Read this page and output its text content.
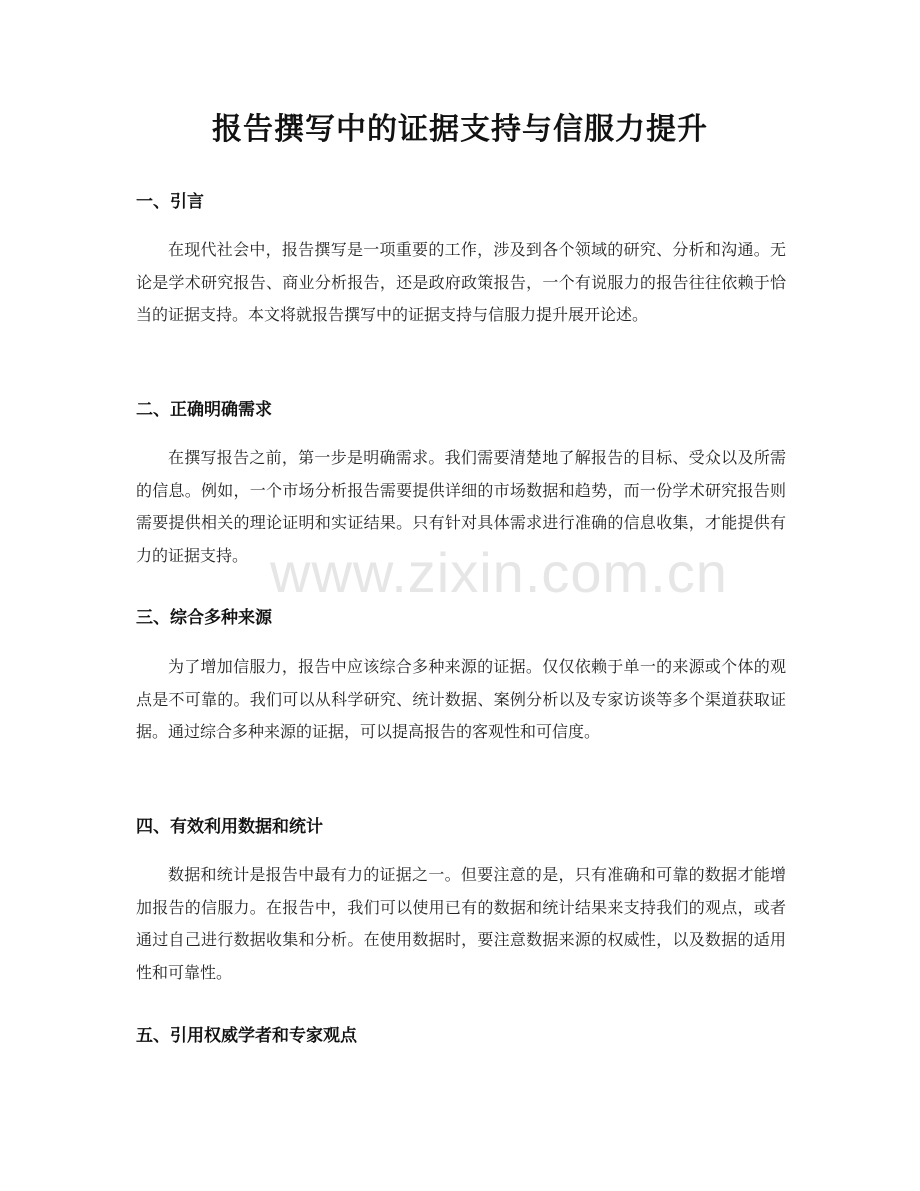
报告撰写中的证据支持与信服力提升
一、引言

在现代社会中，报告撰写是一项重要的工作，涉及到各个领域的研究、分析和沟通。无论是学术研究报告、商业分析报告，还是政府政策报告，一个有说服力的报告往往依赖于恰当的证据支持。本文将就报告撰写中的证据支持与信服力提升展开论述。

二、正确明确需求

在撰写报告之前，第一步是明确需求。我们需要清楚地了解报告的目标、受众以及所需的信息。例如，一个市场分析报告需要提供详细的市场数据和趋势，而一份学术研究报告则需要提供相关的理论证明和实证结果。只有针对具体需求进行准确的信息收集，才能提供有力的证据支持。

三、综合多种来源

为了增加信服力，报告中应该综合多种来源的证据。仅仅依赖于单一的来源或个体的观点是不可靠的。我们可以从科学研究、统计数据、案例分析以及专家访谈等多个渠道获取证据。通过综合多种来源的证据，可以提高报告的客观性和可信度。

四、有效利用数据和统计

数据和统计是报告中最有力的证据之一。但要注意的是，只有准确和可靠的数据才能增加报告的信服力。在报告中，我们可以使用已有的数据和统计结果来支持我们的观点，或者通过自己进行数据收集和分析。在使用数据时，要注意数据来源的权威性，以及数据的适用性和可靠性。

五、引用权威学者和专家观点
www.zixin.com.cn
